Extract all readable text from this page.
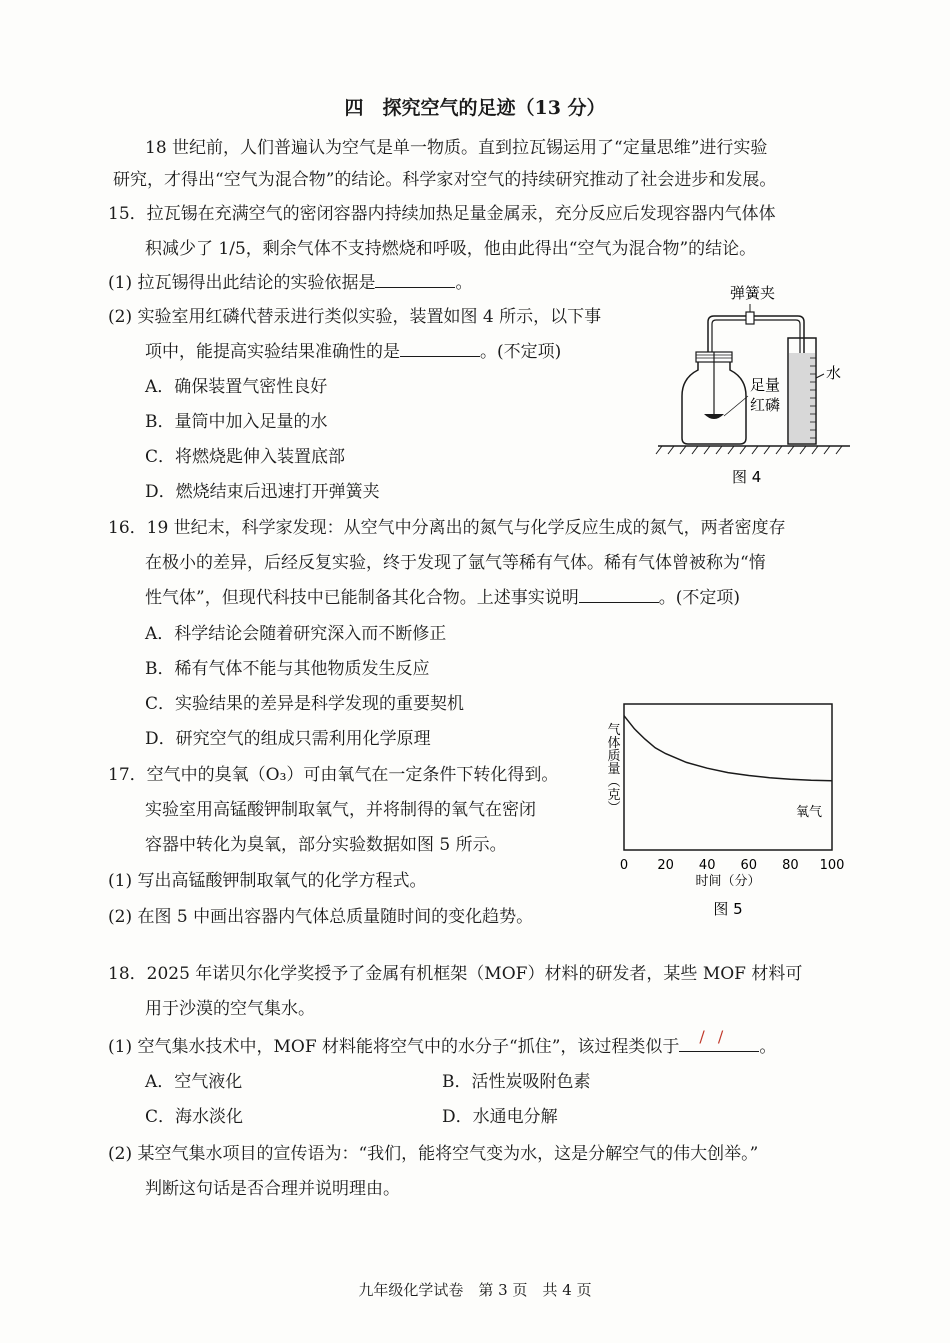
四　探究空气的足迹（13 分）
18 世纪前，人们普遍认为空气是单一物质。直到拉瓦锡运用了“定量思维”进行实验
研究，才得出“空气为混合物”的结论。科学家对空气的持续研究推动了社会进步和发展。
15．拉瓦锡在充满空气的密闭容器内持续加热足量金属汞，充分反应后发现容器内气体体
积减少了 1/5，剩余气体不支持燃烧和呼吸，他由此得出“空气为混合物”的结论。
(1) 拉瓦锡得出此结论的实验依据是	。
(2) 实验室用红磷代替汞进行类似实验，装置如图 4 所示，以下事
项中，能提高实验结果准确性的是	。(不定项)
A．确保装置气密性良好
B．量筒中加入足量的水
C．将燃烧匙伸入装置底部
D．燃烧结束后迅速打开弹簧夹
弹簧夹
水
足量
红磷
图 4
16．19 世纪末，科学家发现：从空气中分离出的氮气与化学反应生成的氮气，两者密度存
在极小的差异，后经反复实验，终于发现了氩气等稀有气体。稀有气体曾被称为“惰
性气体”，但现代科技中已能制备其化合物。上述事实说明	。(不定项)
A．科学结论会随着研究深入而不断修正
B．稀有气体不能与其他物质发生反应
C．实验结果的差异是科学发现的重要契机
D．研究空气的组成只需利用化学原理
17．空气中的臭氧（O₃）可由氧气在一定条件下转化得到。
实验室用高锰酸钾制取氧气，并将制得的氧气在密闭
容器中转化为臭氧，部分实验数据如图 5 所示。
(1) 写出高锰酸钾制取氧气的化学方程式。
(2) 在图 5 中画出容器内气体总质量随时间的变化趋势。
气体质量（克）
0 20 40 60 80 100
氧气
时间（分）
图 5
18．2025 年诺贝尔化学奖授予了金属有机框架（MOF）材料的研发者，某些 MOF 材料可
用于沙漠的空气集水。
(1) 空气集水技术中，MOF 材料能将空气中的水分子“抓住”，该过程类似于/ /	。
A．空气液化	B．活性炭吸附色素
C．海水淡化	D．水通电分解
(2) 某空气集水项目的宣传语为：“我们，能将空气变为水，这是分解空气的伟大创举。”
判断这句话是否合理并说明理由。
九年级化学试卷　第 3 页　共 4 页
